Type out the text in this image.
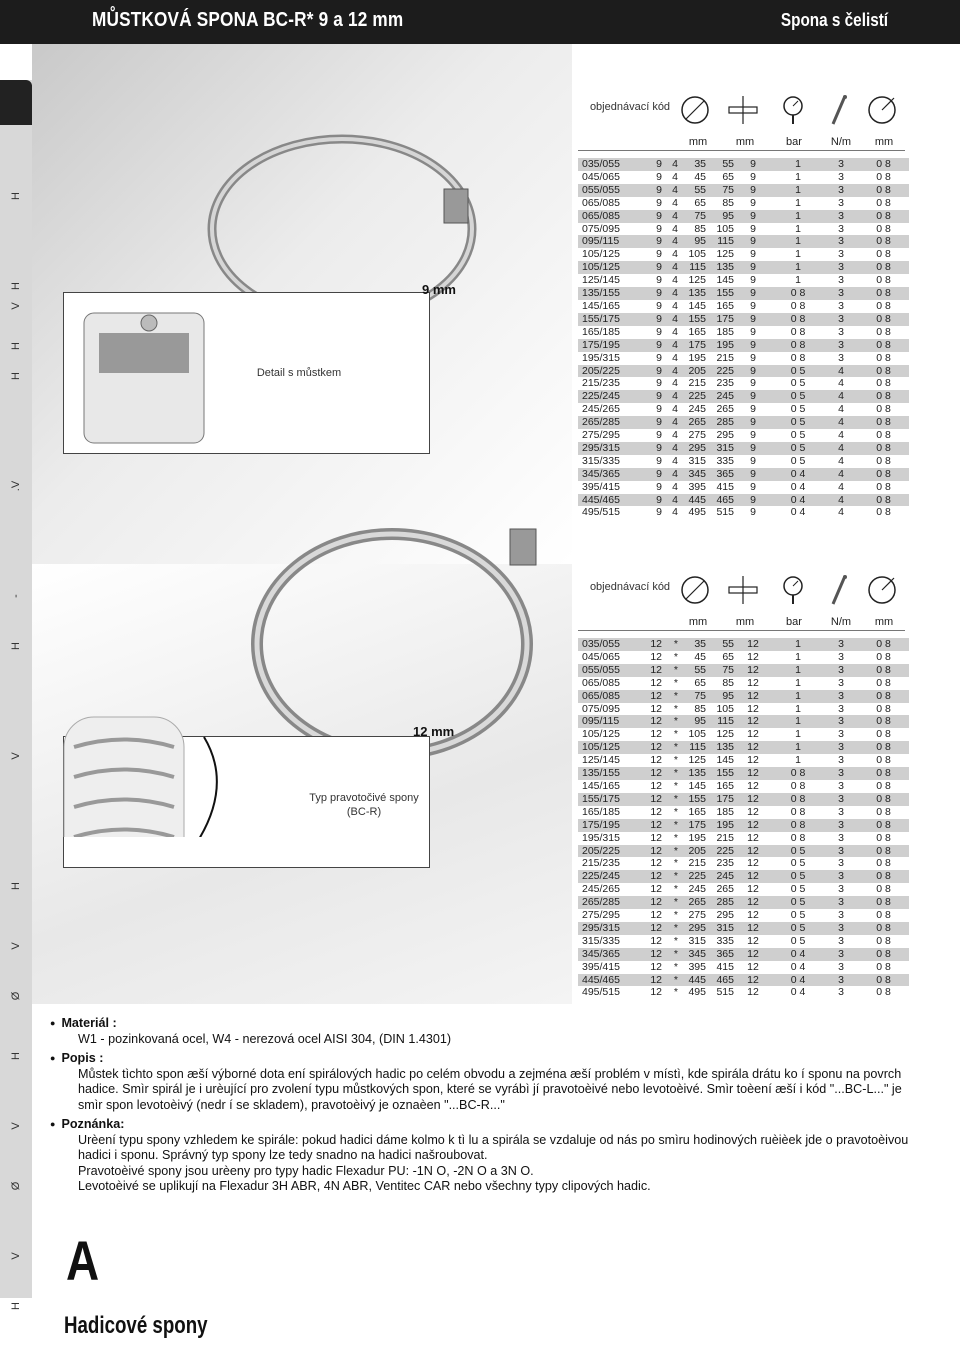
MŮSTKOVÁ SPONA BC-R* 9 a 12 mm	Spona s čelistí
H
H
V
H
H
.V
-
H
V
H
V
Ø
H
V
Ø
V
H
Detail s můstkem
9 mm
Typ pravotočivé spony (BC-R)
12 mm
objednávací kód
mm	mm	bar	N/m	mm
035/055	9	4	35	55	9	1	3	0 8
045/065	9	4	45	65	9	1	3	0 8
055/055	9	4	55	75	9	1	3	0 8
065/085	9	4	65	85	9	1	3	0 8
065/085	9	4	75	95	9	1	3	0 8
075/095	9	4	85	105	9	1	3	0 8
095/115	9	4	95	115	9	1	3	0 8
105/125	9	4	105	125	9	1	3	0 8
105/125	9	4	115	135	9	1	3	0 8
125/145	9	4	125	145	9	1	3	0 8
135/155	9	4	135	155	9	0 8	3	0 8
145/165	9	4	145	165	9	0 8	3	0 8
155/175	9	4	155	175	9	0 8	3	0 8
165/185	9	4	165	185	9	0 8	3	0 8
175/195	9	4	175	195	9	0 8	3	0 8
195/315	9	4	195	215	9	0 8	3	0 8
205/225	9	4	205	225	9	0 5	4	0 8
215/235	9	4	215	235	9	0 5	4	0 8
225/245	9	4	225	245	9	0 5	4	0 8
245/265	9	4	245	265	9	0 5	4	0 8
265/285	9	4	265	285	9	0 5	4	0 8
275/295	9	4	275	295	9	0 5	4	0 8
295/315	9	4	295	315	9	0 5	4	0 8
315/335	9	4	315	335	9	0 5	4	0 8
345/365	9	4	345	365	9	0 4	4	0 8
395/415	9	4	395	415	9	0 4	4	0 8
445/465	9	4	445	465	9	0 4	4	0 8
495/515	9	4	495	515	9	0 4	4	0 8
objednávací kód
mm	mm	bar	N/m	mm
035/055	12	*	35	55	12	1	3	0 8
045/065	12	*	45	65	12	1	3	0 8
055/055	12	*	55	75	12	1	3	0 8
065/085	12	*	65	85	12	1	3	0 8
065/085	12	*	75	95	12	1	3	0 8
075/095	12	*	85	105	12	1	3	0 8
095/115	12	*	95	115	12	1	3	0 8
105/125	12	*	105	125	12	1	3	0 8
105/125	12	*	115	135	12	1	3	0 8
125/145	12	*	125	145	12	1	3	0 8
135/155	12	*	135	155	12	0 8	3	0 8
145/165	12	*	145	165	12	0 8	3	0 8
155/175	12	*	155	175	12	0 8	3	0 8
165/185	12	*	165	185	12	0 8	3	0 8
175/195	12	*	175	195	12	0 8	3	0 8
195/315	12	*	195	215	12	0 8	3	0 8
205/225	12	*	205	225	12	0 5	3	0 8
215/235	12	*	215	235	12	0 5	3	0 8
225/245	12	*	225	245	12	0 5	3	0 8
245/265	12	*	245	265	12	0 5	3	0 8
265/285	12	*	265	285	12	0 5	3	0 8
275/295	12	*	275	295	12	0 5	3	0 8
295/315	12	*	295	315	12	0 5	3	0 8
315/335	12	*	315	335	12	0 5	3	0 8
345/365	12	*	345	365	12	0 4	3	0 8
395/415	12	*	395	415	12	0 4	3	0 8
445/465	12	*	445	465	12	0 4	3	0 8
495/515	12	*	495	515	12	0 4	3	0 8
● Materiál :

W1 - pozinkovaná ocel, W4 - nerezová ocel AISI 304, (DIN 1.4301)

● Popis :

Můstek tìchto spon æší výborné dota ení spirálových hadic po celém obvodu a zejména æší problém v místì, kde spirála drátu ko í sponu na povrch hadice. Smìr spirál je i urèující pro zvolení typu můstkových spon, které se vyrábì jí pravotoèivé nebo levotoèivé. Smìr toèení æší i kód "...BC-L..." je smìr spon levotoèivý (nedr í se skladem), pravotoèivý je oznaèen "...BC-R..."

● Poznánka:

Urèení typu spony vzhledem ke spirále: pokud hadici dáme kolmo k tì lu a spirála se vzdaluje od nás po smìru hodinových ruèièek jde o pravotoèivou hadici i sponu. Správný typ spony lze tedy snadno na hadici našroubovat.

Pravotoèivé spony jsou urèeny pro typy hadic Flexadur PU: -1N O, -2N O a 3N O.

Levotoèivé se uplikují na Flexadur 3H ABR, 4N ABR, Ventitec CAR nebo všechny typy clipových hadic.

A
Hadicové spony
